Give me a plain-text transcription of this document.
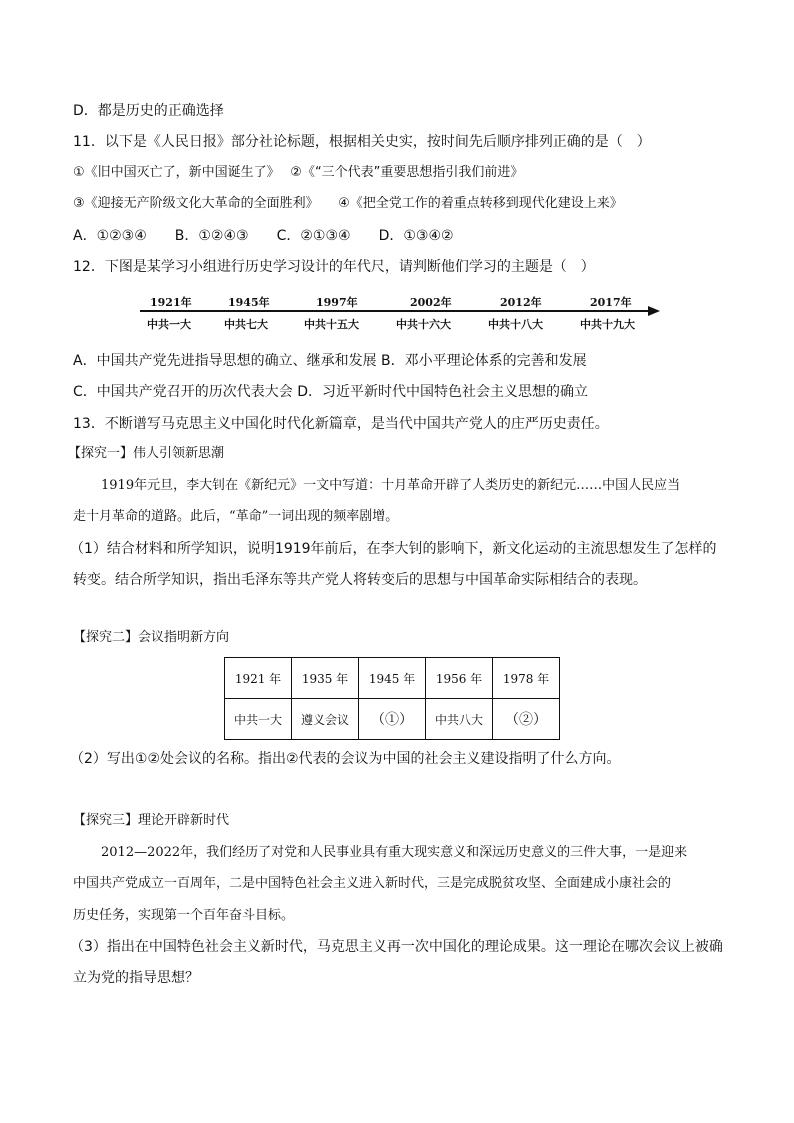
D．都是历史的正确选择
11．以下是《人民日报》部分社论标题，根据相关史实，按时间先后顺序排列正确的是（　）
①《旧中国灭亡了，新中国诞生了》　 ②《“三个代表”重要思想指引我们前进》
③《迎接无产阶级文化大革命的全面胜利》　　④《把全党工作的着重点转移到现代化建设上来》
A．①②③④　　B．①②④③　　C．②①③④　　D．①③④②
12．下图是某学习小组进行历史学习设计的年代尺，请判断他们学习的主题是（　）
1921年
中共一大
1945年
中共七大
1997年
中共十五大
2002年
中共十六大
2012年
中共十八大
2017年
中共十九大
A．中国共产党先进指导思想的确立、继承和发展 B．邓小平理论体系的完善和发展
C．中国共产党召开的历次代表大会 D．习近平新时代中国特色社会主义思想的确立
13．不断谱写马克思主义中国化时代化新篇章，是当代中国共产党人的庄严历史责任。
【探究一】伟人引领新思潮
1919年元旦，李大钊在《新纪元》一文中写道：十月革命开辟了人类历史的新纪元……中国人民应当
走十月革命的道路。此后，“革命”一词出现的频率剧增。
（1）结合材料和所学知识，说明1919年前后，在李大钊的影响下，新文化运动的主流思想发生了怎样的
转变。结合所学知识，指出毛泽东等共产党人将转变后的思想与中国革命实际相结合的表现。
【探究二】会议指明新方向
1921 年	1935 年	1945 年	1956 年	1978 年
中共一大	遵义会议	（①）	中共八大	（②）
（2）写出①②处会议的名称。指出②代表的会议为中国的社会主义建设指明了什么方向。
【探究三】理论开辟新时代
2012—2022年，我们经历了对党和人民事业具有重大现实意义和深远历史意义的三件大事，一是迎来
中国共产党成立一百周年，二是中国特色社会主义进入新时代，三是完成脱贫攻坚、全面建成小康社会的
历史任务，实现第一个百年奋斗目标。
（3）指出在中国特色社会主义新时代，马克思主义再一次中国化的理论成果。这一理论在哪次会议上被确
立为党的指导思想？
